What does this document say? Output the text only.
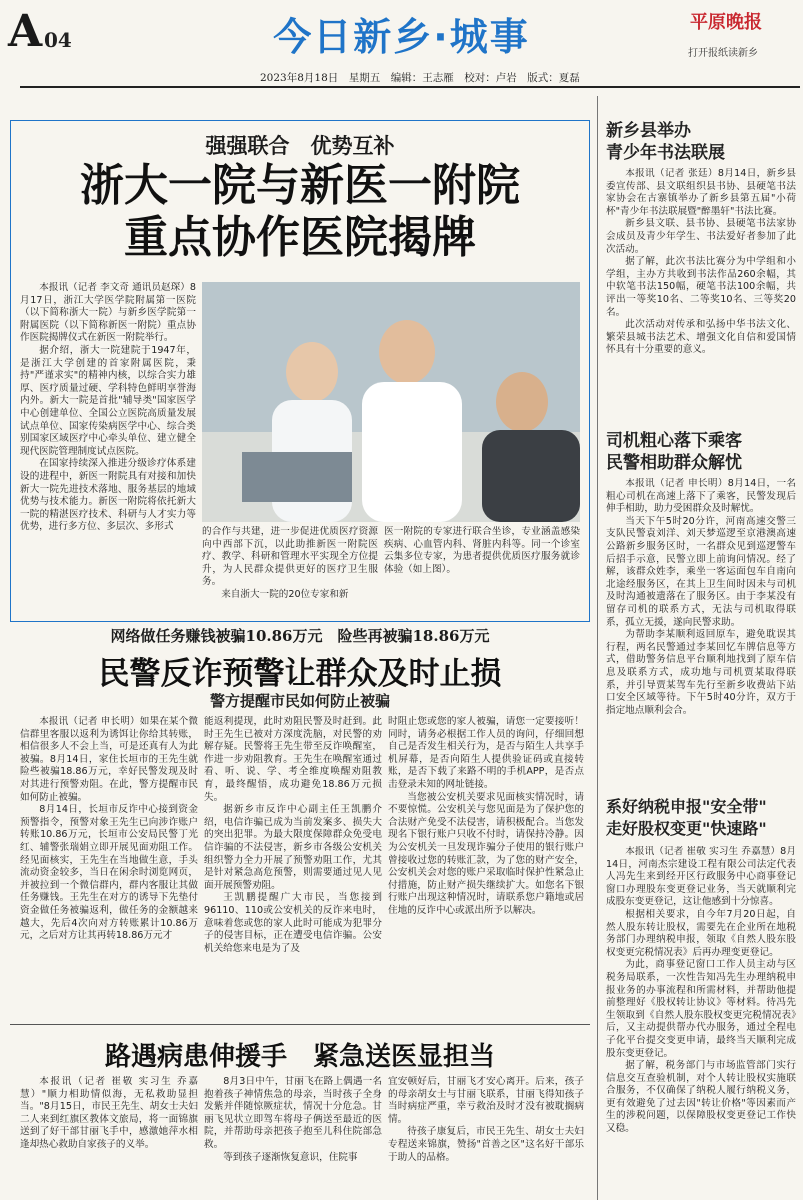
A 04	今日新乡·城事	平原晚报
打开报纸读新乡
2023年8月18日　星期五　编辑：王志雁　校对：卢岩　版式：夏磊
强强联合　优势互补
浙大一院与新医一附院
重点协作医院揭牌

本报讯（记者 李文奇 通讯员赵琛）8月17日，浙江大学医学院附属第一医院（以下简称浙大一院）与新乡医学院第一附属医院（以下简称新医一附院）重点协作医院揭牌仪式在新医一附院举行。

据介绍，浙大一院建院于1947年，是浙江大学创建的首家附属医院，秉持"严谨求实"的精神内核，以综合实力雄厚、医疗质量过硬、学科特色鲜明享誉海内外。新大一院是首批"辅导类"国家医学中心创建单位、全国公立医院高质量发展试点单位、国家传染病医学中心、综合类别国家区域医疗中心牵头单位、建立健全现代医院管理制度试点医院。

在国家持续深入推进分级诊疗体系建设的进程中，新医一附院具有对接和加快新大一院先进技术落地、服务基层的地域优势与技术能力。新医一附院将依托新大一院的精湛医疗技术、科研与人才实力等优势，进行多方位、多层次、多形式	的合作与共建，进一步促进优质医疗资源向中西部下沉，以此助推新医一附院医疗、教学、科研和管理水平实现全方位提升，为人民群众提供更好的医疗卫生服务。

来自浙大一院的20位专家和新

医一附院的专家进行联合坐诊，专业涵盖感染疾病、心血管内科、肾脏内科等。同一个诊室云集多位专家，为患者提供优质医疗服务就诊体验（如上图）。

网络做任务赚钱被骗10.86万元　险些再被骗18.86万元
民警反诈预警让群众及时止损
警方提醒市民如何防止被骗

本报讯（记者 申长明）如果在某个微信群里客服以返利为诱饵让你给其转账，相信很多人不会上当，可是还真有人为此被骗。8月14日，家住长垣市的王先生就险些被骗18.86万元，幸好民警发现及时对其进行预警劝阻。在此，警方提醒市民如何防止被骗。

8月14日，长垣市反诈中心接到资金预警指令，预警对象王先生已向涉诈账户转账10.86万元，长垣市公安局民警丁光红、辅警张瑞娟立即开展见面劝阻工作。经见面核实，王先生在当地做生意，手头流动资金较多，当日在闲余时浏览网页，并被拉到一个微信群内，群内客服让其做任务赚钱。王先生在对方的诱导下先垫付资金做任务被骗返利，做任务的金额越来越大，先后4次向对方转账累计10.86万元，之后对方让其再转18.86万元才

能返利提现，此时劝阻民警及时赶到。此时王先生已被对方深度洗脑，对民警的劝解存疑。民警将王先生带至反诈唤醒室，作进一步劝阻教育。王先生在唤醒室通过看、听、说、学、考全维度唤醒劝阻教育，最终醒悟，成功避免18.86万元损失。

据新乡市反诈中心副主任王凯鹏介绍，电信诈骗已成为当前发案多、损失大的突出犯罪。为最大限度保障群众免受电信诈骗的不法侵害，新乡市各级公安机关组织警力全力开展了预警劝阻工作，尤其是针对紧急高危预警，则需要通过见人见面开展预警劝阻。

王凯鹏提醒广大市民，当您接到96110、110或公安机关的反诈来电时，意味着您或您的家人此时可能成为犯罪分子的侵害目标，正在遭受电信诈骗。公安机关给您来电是为了及

时阻止您或您的家人被骗，请您一定要接听！同时，请务必根据工作人员的询问，仔细回想自己是否发生相关行为，是否与陌生人共享手机屏幕，是否向陌生人提供验证码或直接转账，是否下载了来路不明的手机APP，是否点击登录未知的网址链接。

当您被公安机关要求见面核实情况时，请不要惊慌。公安机关与您见面是为了保护您的合法财产免受不法侵害，请积极配合。当您发现名下银行账户只收不付时，请保持冷静。因为公安机关一旦发现诈骗分子使用的银行账户曾接收过您的转账汇款，为了您的财产安全，公安机关会对您的账户采取临时保护性紧急止付措施，防止财产损失继续扩大。如您名下银行账户出现这种情况时，请联系您户籍地或居住地的反诈中心或派出所予以解决。

路遇病患伸援手　紧急送医显担当

本报讯（记者 崔敬 实习生 乔嘉慧）"顺力相助情似海，无私救助显担当。"8月15日，市民王先生、胡女士夫妇二人来到红旗区教体文旅局，将一面锦旗送到了好干部甘丽飞手中，感激她萍水相逢却热心救助自家孩子的义举。

8月3日中午，甘丽飞在路上偶遇一名抱着孩子神情焦急的母亲，当时孩子全身发紫并伴随惊厥症状，情况十分危急。甘丽飞见状立即驾车将母子俩送至最近的医院，并帮助母亲把孩子抱至儿科住院部急救。

等到孩子逐渐恢复意识，住院事

宜安顿好后，甘丽飞才安心离开。后来，孩子的母亲胡女士与甘丽飞联系，甘丽飞得知孩子当时病症严重，幸亏救治及时才没有被耽搁病情。

待孩子康复后，市民王先生、胡女士夫妇专程送来锦旗，赞扬"首善之区"这名好干部乐于助人的品格。

新乡县举办
青少年书法联展

本报讯（记者 张廷）8月14日，新乡县委宣传部、县文联组织县书协、县硬笔书法家协会在古寨镇举办了新乡县第五届"小荷杯"青少年书法联展暨"醉墨轩"书法比赛。

新乡县文联、县书协、县硬笔书法家协会成员及青少年学生、书法爱好者参加了此次活动。

据了解，此次书法比赛分为中学组和小学组，主办方共收到书法作品260余幅，其中软笔书法150幅，硬笔书法100余幅，共评出一等奖10名、二等奖10名、三等奖20名。

此次活动对传承和弘扬中华书法文化、繁荣县城书法艺术、增强文化自信和爱国情怀具有十分重要的意义。

司机粗心落下乘客
民警相助群众解忧

本报讯（记者 申长明）8月14日，一名粗心司机在高速上落下了乘客，民警发现后伸手相助，助力受困群众及时解忧。

当天下午5时20分许，河南高速交警三支队民警袁刘洋、刘天梦巡逻至京港澳高速公路新乡服务区时，一名群众见到巡逻警车后招手示意，民警立即上前询问情况。经了解，该群众姓李，乘坐一客运面包车自南向北途经服务区，在其上卫生间时因未与司机及时沟通被遗落在了服务区。由于李某没有留存司机的联系方式，无法与司机取得联系，孤立无援，遂向民警求助。

为帮助李某顺利返回原车，避免耽误其行程，两名民警通过李某回忆车牌信息等方式，借助警务信息平台顺利地找到了原车信息及联系方式，成功地与司机贾某取得联系，并引导贾某驾车先行至新乡收费站下站口安全区域等待。下午5时40分许，双方于指定地点顺利会合。

系好纳税申报"安全带"
走好股权变更"快速路"

本报讯（记者 崔敬 实习生 乔嘉慧）8月14日，河南杰宗建设工程有限公司法定代表人冯先生来到经开区行政服务中心商事登记窗口办理股东变更登记业务，当天就顺利完成股东变更登记，这让他感到十分惊喜。

根据相关要求，自今年7月20日起，自然人股东转让股权，需要先在企业所在地税务部门办理纳税申报，领取《自然人股东股权变更完税情况表》后再办理变更登记。

为此，商事登记窗口工作人员主动与区税务局联系，一次性告知冯先生办理纳税申报业务的办事流程和所需材料，并帮助他提前整理好《股权转让协议》等材料。待冯先生领取到《自然人股东股权变更完税情况表》后，又主动提供帮办代办服务，通过全程电子化平台提交变更申请，最终当天顺利完成股东变更登记。

据了解，税务部门与市场监管部门实行信息交互查验机制，对个人转让股权实施联合服务，不仅确保了纳税人履行纳税义务，更有效避免了过去因"转让价格"等因素而产生的涉税问题，以保障股权变更登记工作快又稳。
